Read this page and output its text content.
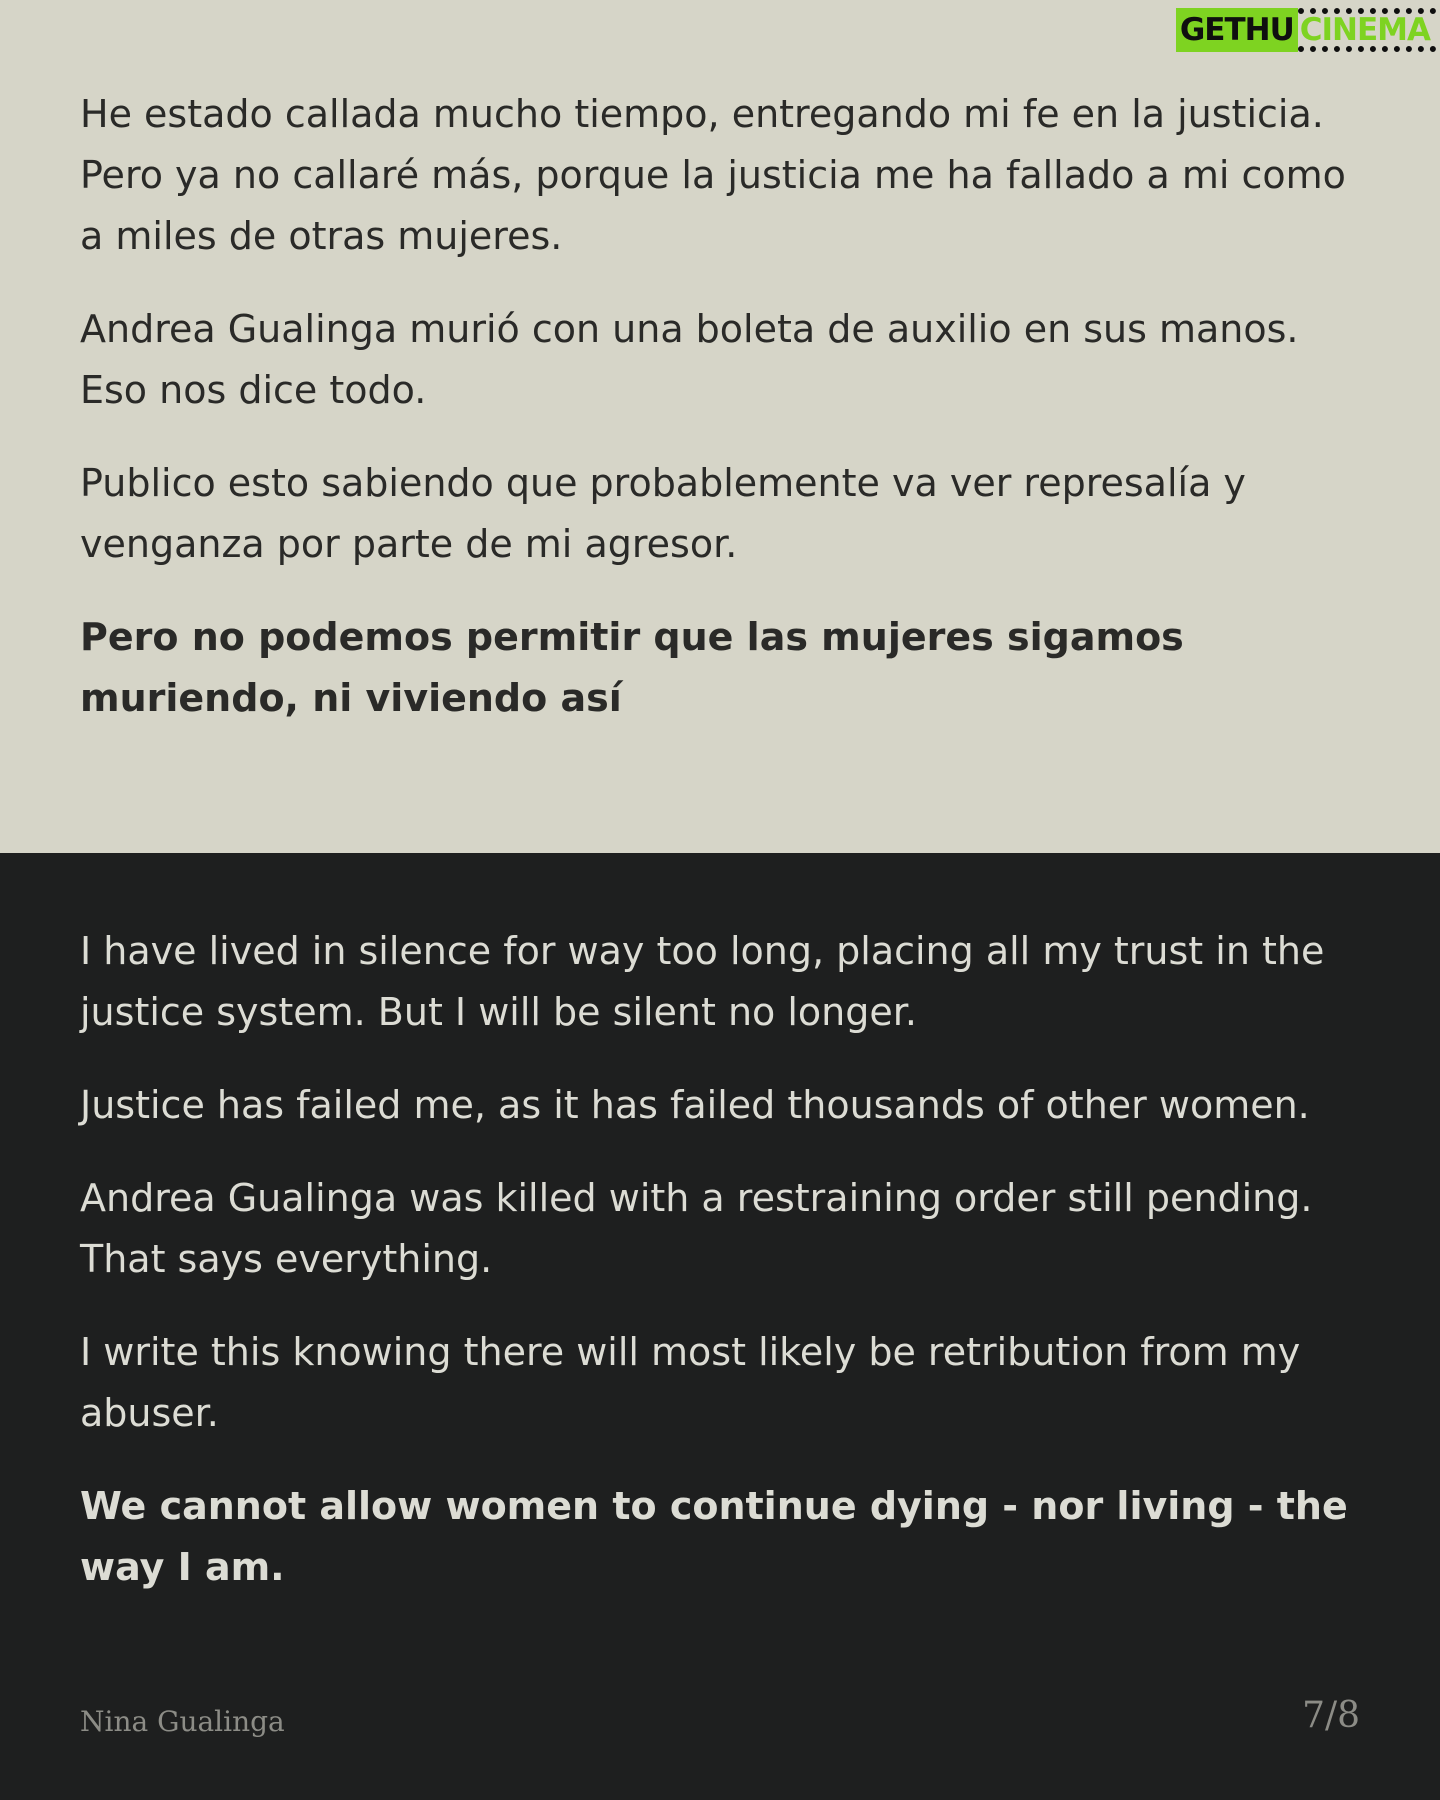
He estado callada mucho tiempo, entregando mi fe en la justicia. Pero ya no callaré más, porque la justicia me ha fallado a mi como a miles de otras mujeres.

Andrea Gualinga murió con una boleta de auxilio en sus manos. Eso nos dice todo.

Publico esto sabiendo que probablemente va ver represalía y venganza por parte de mi agresor.

Pero no podemos permitir que las mujeres sigamos muriendo, ni viviendo así

GETHU CINEMA

I have lived in silence for way too long, placing all my trust in the justice system. But I will be silent no longer.

Justice has failed me, as it has failed thousands of other women.

Andrea Gualinga was killed with a restraining order still pending. That says everything.

I write this knowing there will most likely be retribution from my abuser.

We cannot allow women to continue dying - nor living - the way I am.

Nina Gualinga	7/8
